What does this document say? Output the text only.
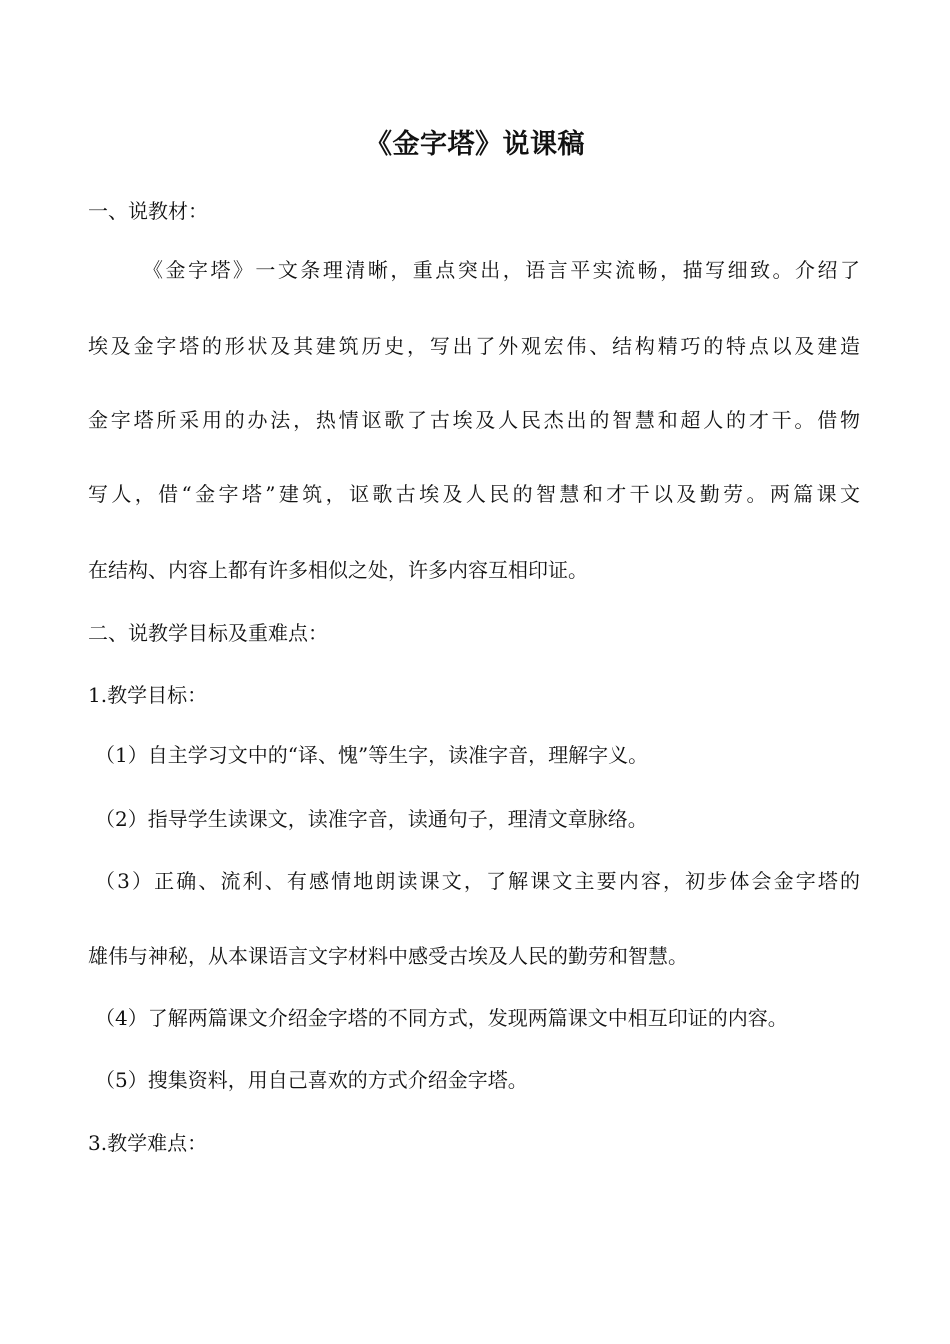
《金字塔》说课稿
一、说教材：
《金字塔》一文条理清晰，重点突出，语言平实流畅，描写细致。介绍了
埃及金字塔的形状及其建筑历史，写出了外观宏伟、结构精巧的特点以及建造
金字塔所采用的办法，热情讴歌了古埃及人民杰出的智慧和超人的才干。借物
写人，借“金字塔”建筑，讴歌古埃及人民的智慧和才干以及勤劳。两篇课文
在结构、内容上都有许多相似之处，许多内容互相印证。
二、说教学目标及重难点：
1.教学目标：
（1）自主学习文中的“译、愧”等生字，读准字音，理解字义。
（2）指导学生读课文，读准字音，读通句子，理清文章脉络。
（3）正确、流利、有感情地朗读课文，了解课文主要内容，初步体会金字塔的
雄伟与神秘，从本课语言文字材料中感受古埃及人民的勤劳和智慧。
（4）了解两篇课文介绍金字塔的不同方式，发现两篇课文中相互印证的内容。
（5）搜集资料，用自己喜欢的方式介绍金字塔。
3.教学难点：
